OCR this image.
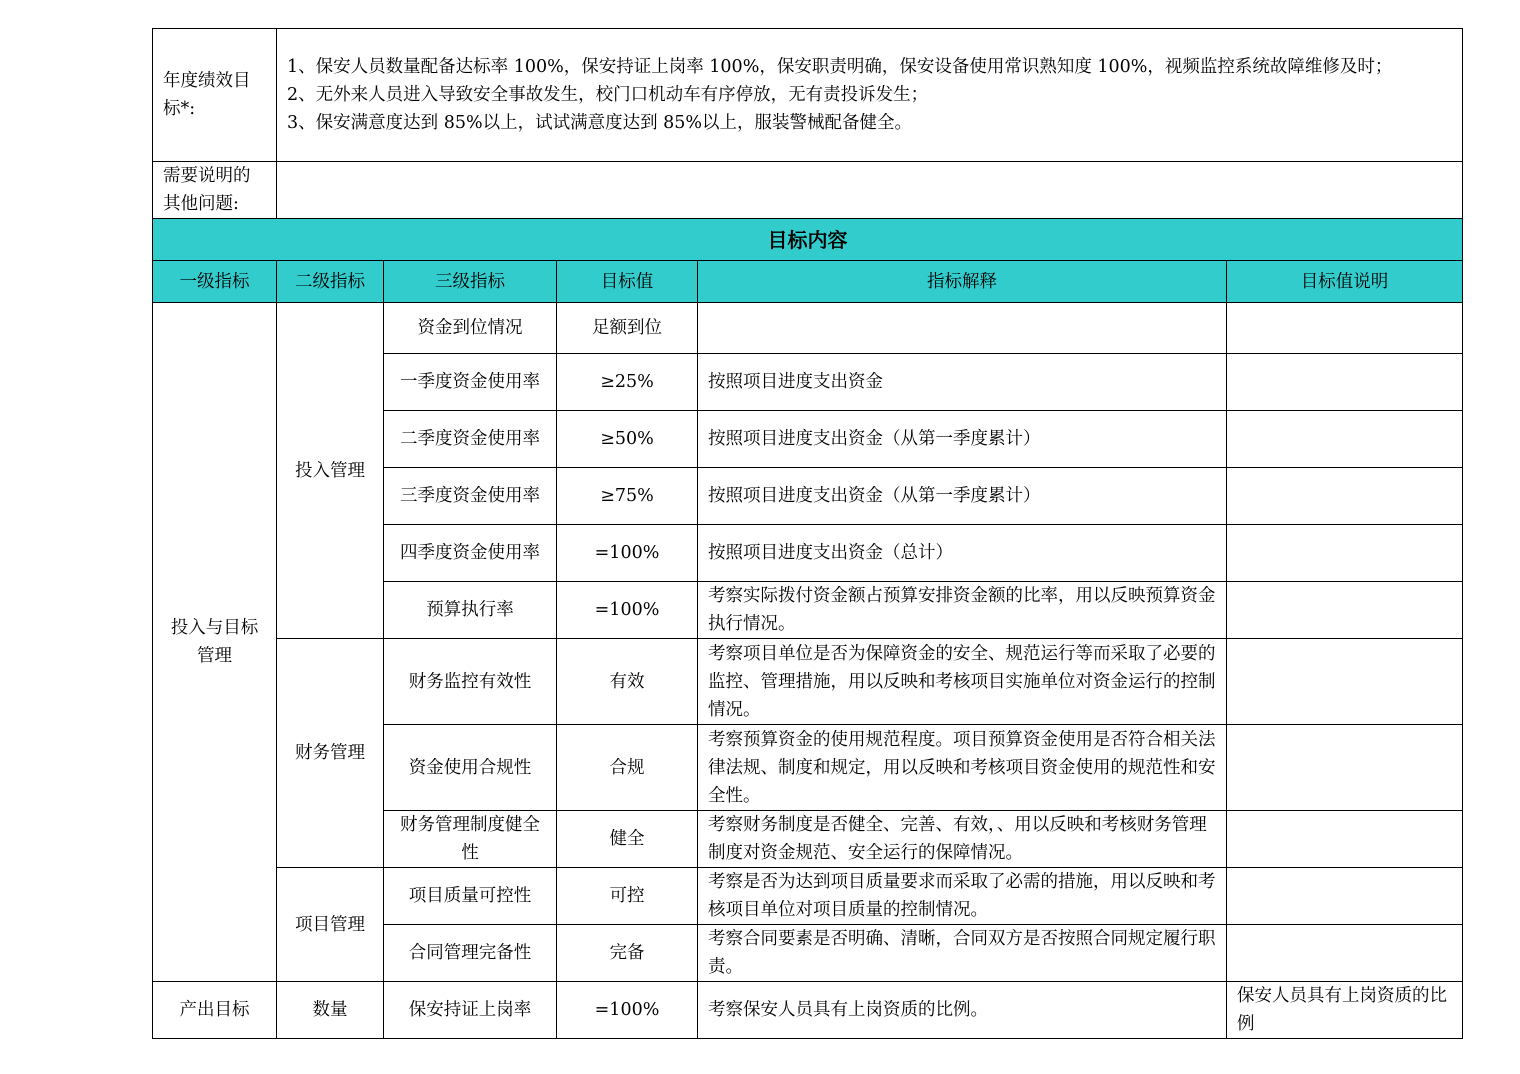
年度绩效目标*:	1、保安人员数量配备达标率 100%，保安持证上岗率 100%，保安职责明确，保安设备使用常识熟知度 100%，视频监控系统故障维修及时；
2、无外来人员进入导致安全事故发生，校门口机动车有序停放，无有责投诉发生；
3、保安满意度达到 85%以上，试试满意度达到 85%以上，服装警械配备健全。				

需要说明的其他问题:					
目标内容					
一级指标	二级指标	三级指标	目标值	指标解释	目标值说明
投入与目标管理	投入管理	资金到位情况	足额到位		
		一季度资金使用率	≥25%	按照项目进度支出资金	
		二季度资金使用率	≥50%	按照项目进度支出资金（从第一季度累计）	
		三季度资金使用率	≥75%	按照项目进度支出资金（从第一季度累计）	
		四季度资金使用率	=100%	按照项目进度支出资金（总计）	
		预算执行率	=100%	考察实际拨付资金额占预算安排资金额的比率，用以反映预算资金执行情况。	
	财务管理	财务监控有效性	有效	考察项目单位是否为保障资金的安全、规范运行等而采取了必要的监控、管理措施，用以反映和考核项目实施单位对资金运行的控制情况。	
		资金使用合规性	合规	考察预算资金的使用规范程度。项目预算资金使用是否符合相关法律法规、制度和规定，用以反映和考核项目资金使用的规范性和安全性。	
		财务管理制度健全性	健全	考察财务制度是否健全、完善、有效，、用以反映和考核财务管理制度对资金规范、安全运行的保障情况。	
	项目管理	项目质量可控性	可控	考察是否为达到项目质量要求而采取了必需的措施，用以反映和考核项目单位对项目质量的控制情况。	
		合同管理完备性	完备	考察合同要素是否明确、清晰，合同双方是否按照合同规定履行职责。	
产出目标	数量	保安持证上岗率	=100%	考察保安人员具有上岗资质的比例。	保安人员具有上岗资质的比例
